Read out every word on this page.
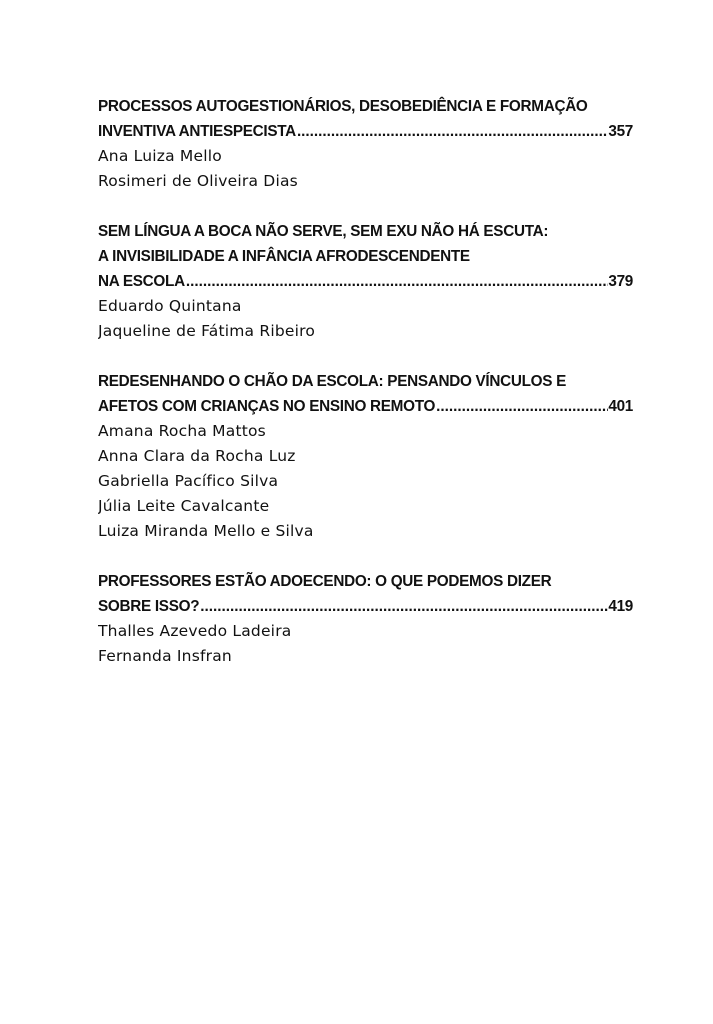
PROCESSOS AUTOGESTIONÁRIOS, DESOBEDIÊNCIA E FORMAÇÃO
INVENTIVA ANTIESPECISTA .....	357
Ana Luiza Mello
Rosimeri de Oliveira Dias
SEM LÍNGUA A BOCA NÃO SERVE, SEM EXU NÃO HÁ ESCUTA:
A INVISIBILIDADE A INFÂNCIA AFRODESCENDENTE
NA ESCOLA .....	379
Eduardo Quintana
Jaqueline de Fátima Ribeiro
REDESENHANDO O CHÃO DA ESCOLA: PENSANDO VÍNCULOS E
AFETOS COM CRIANÇAS NO ENSINO REMOTO .....	401
Amana Rocha Mattos
Anna Clara da Rocha Luz
Gabriella Pacífico Silva
Júlia Leite Cavalcante
Luiza Miranda Mello e Silva
PROFESSORES ESTÃO ADOECENDO: O QUE PODEMOS DIZER
SOBRE ISSO? .....	419
Thalles Azevedo Ladeira
Fernanda Insfran
